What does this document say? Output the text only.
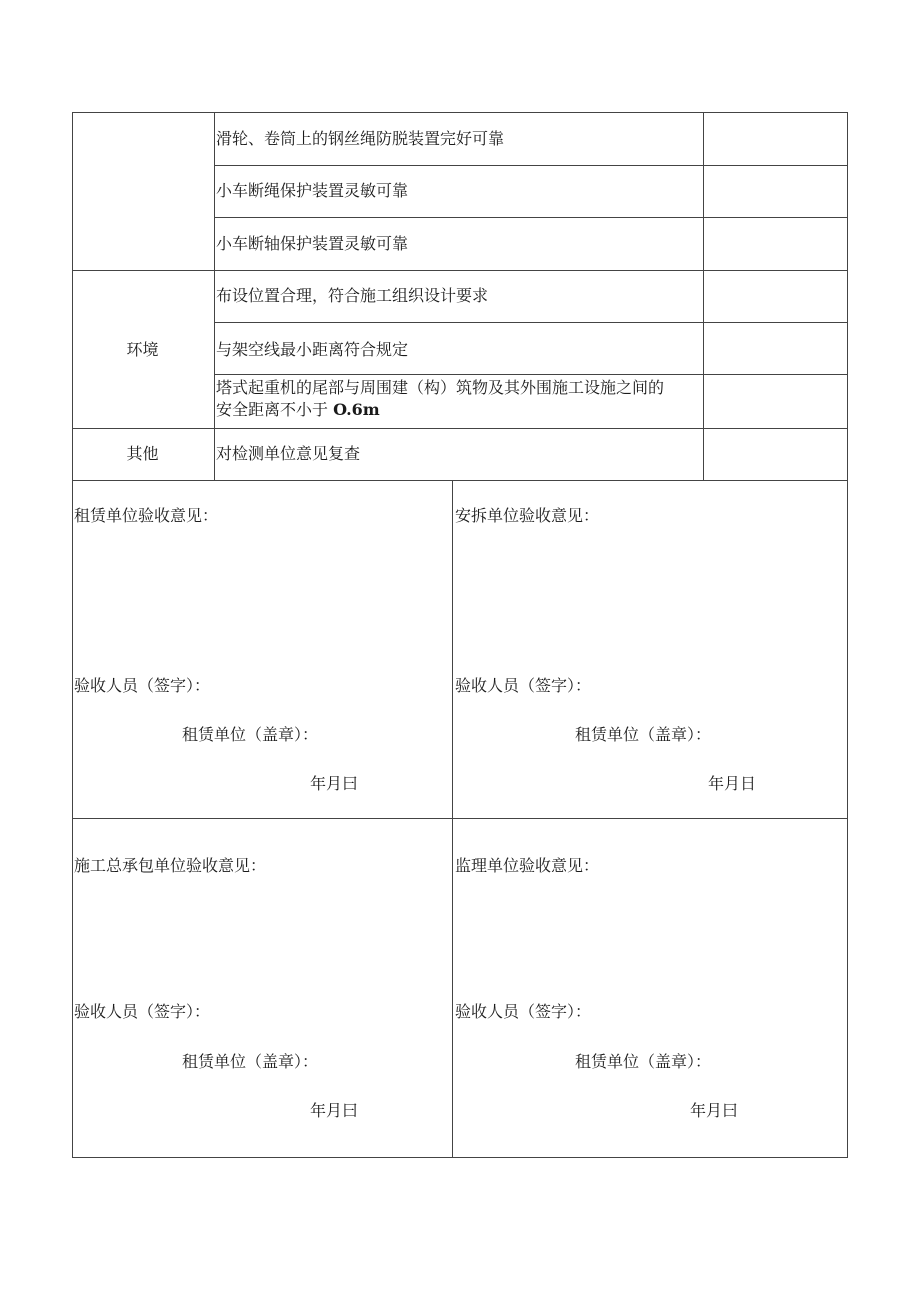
滑轮、卷筒上的钢丝绳防脱装置完好可靠
小车断绳保护装置灵敏可靠
小车断轴保护装置灵敏可靠
环境
布设位置合理，符合施工组织设计要求
与架空线最小距离符合规定
塔式起重机的尾部与周围建（构）筑物及其外围施工设施之间的
安全距离不小于 O.6m
其他	对检测单位意见复查
租赁单位验收意见：
验收人员（签字）：
租赁单位（盖章）：
年月曰
安拆单位验收意见：
验收人员（签字）：
租赁单位（盖章）：
年月日
施工总承包单位验收意见：
验收人员（签字）：
租赁单位（盖章）：
年月曰
监理单位验收意见：
验收人员（签字）：
租赁单位（盖章）：
年月曰
